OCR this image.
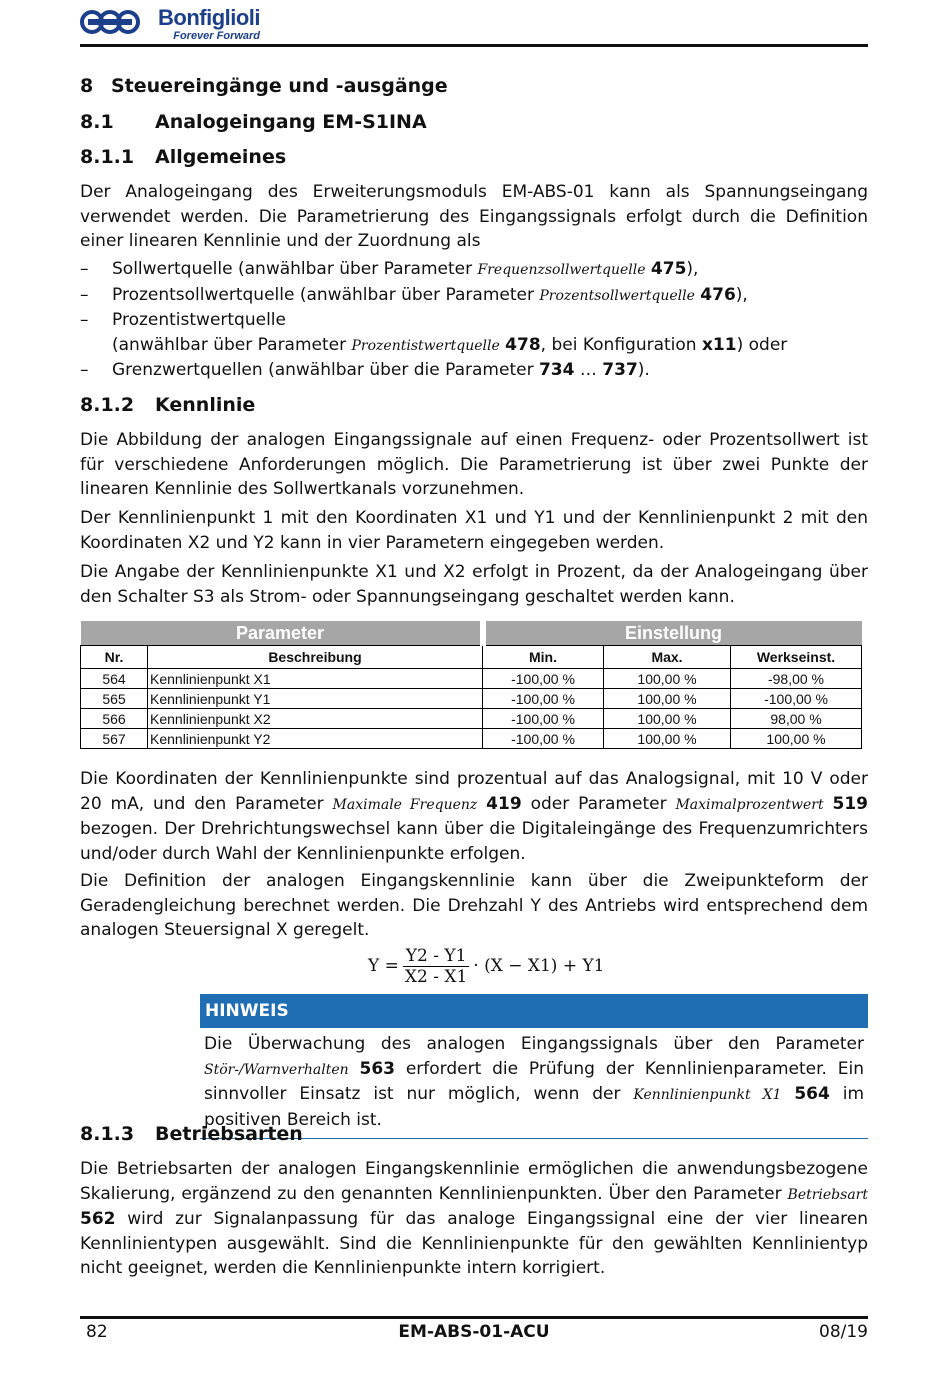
Bonfiglioli
Forever Forward
8 Steuereingänge und -ausgänge
8.1 Analogeingang EM-S1INA
8.1.1 Allgemeines

Der Analogeingang des Erweiterungsmoduls EM-ABS-01 kann als Spannungseingang verwendet werden. Die Parametrierung des Eingangssignals erfolgt durch die Definition einer linearen Kennlinie und der Zuordnung als

– Sollwertquelle (anwählbar über Parameter Frequenzsollwertquelle 475),
– Prozentsollwertquelle (anwählbar über Parameter Prozentsollwertquelle 476),
– Prozentistwertquelle
(anwählbar über Parameter Prozentistwertquelle 478, bei Konfiguration x11) oder
– Grenzwertquellen (anwählbar über die Parameter 734 … 737).
8.1.2 Kennlinie

Die Abbildung der analogen Eingangssignale auf einen Frequenz- oder Prozentsollwert ist für verschiedene Anforderungen möglich. Die Parametrierung ist über zwei Punkte der linearen Kennlinie des Sollwertkanals vorzunehmen.

Der Kennlinienpunkt 1 mit den Koordinaten X1 und Y1 und der Kennlinienpunkt 2 mit den Koordinaten X2 und Y2 kann in vier Parametern eingegeben werden.

Die Angabe der Kennlinienpunkte X1 und X2 erfolgt in Prozent, da der Analogeingang über den Schalter S3 als Strom- oder Spannungseingang geschaltet werden kann.

Parameter		Einstellung		
Nr.	Beschreibung	Min.	Max.	Werkseinst.
564	Kennlinienpunkt X1	-100,00 %	100,00 %	-98,00 %
565	Kennlinienpunkt Y1	-100,00 %	100,00 %	-100,00 %
566	Kennlinienpunkt X2	-100,00 %	100,00 %	98,00 %
567	Kennlinienpunkt Y2	-100,00 %	100,00 %	100,00 %

Die Koordinaten der Kennlinienpunkte sind prozentual auf das Analogsignal, mit 10 V oder 20 mA, und den Parameter Maximale Frequenz 419 oder Parameter Maximalprozentwert 519 bezogen. Der Drehrichtungswechsel kann über die Digitaleingänge des Frequenzumrichters und/oder durch Wahl der Kennlinienpunkte erfolgen.

Die Definition der analogen Eingangskennlinie kann über die Zweipunkteform der Geradengleichung berechnet werden. Die Drehzahl Y des Antriebs wird entsprechend dem analogen Steuersignal X geregelt.

$Y = \frac{Y2 - Y1}{X2 - X1} \cdot (X - X1) + Y1$
HINWEIS
Die Überwachung des analogen Eingangssignals über den Parameter Stör-/Warnverhalten 563 erfordert die Prüfung der Kennlinienparameter. Ein sinnvoller Einsatz ist nur möglich, wenn der Kennlinienpunkt X1 564 im positiven Bereich ist.
8.1.3 Betriebsarten

Die Betriebsarten der analogen Eingangskennlinie ermöglichen die anwendungsbezogene Skalierung, ergänzend zu den genannten Kennlinienpunkten. Über den Parameter Betriebsart 562 wird zur Signalanpassung für das analoge Eingangssignal eine der vier linearen Kennlinientypen ausgewählt. Sind die Kennlinienpunkte für den gewählten Kennlinientyp nicht geeignet, werden die Kennlinienpunkte intern korrigiert.

82	EM-ABS-01-ACU	08/19
